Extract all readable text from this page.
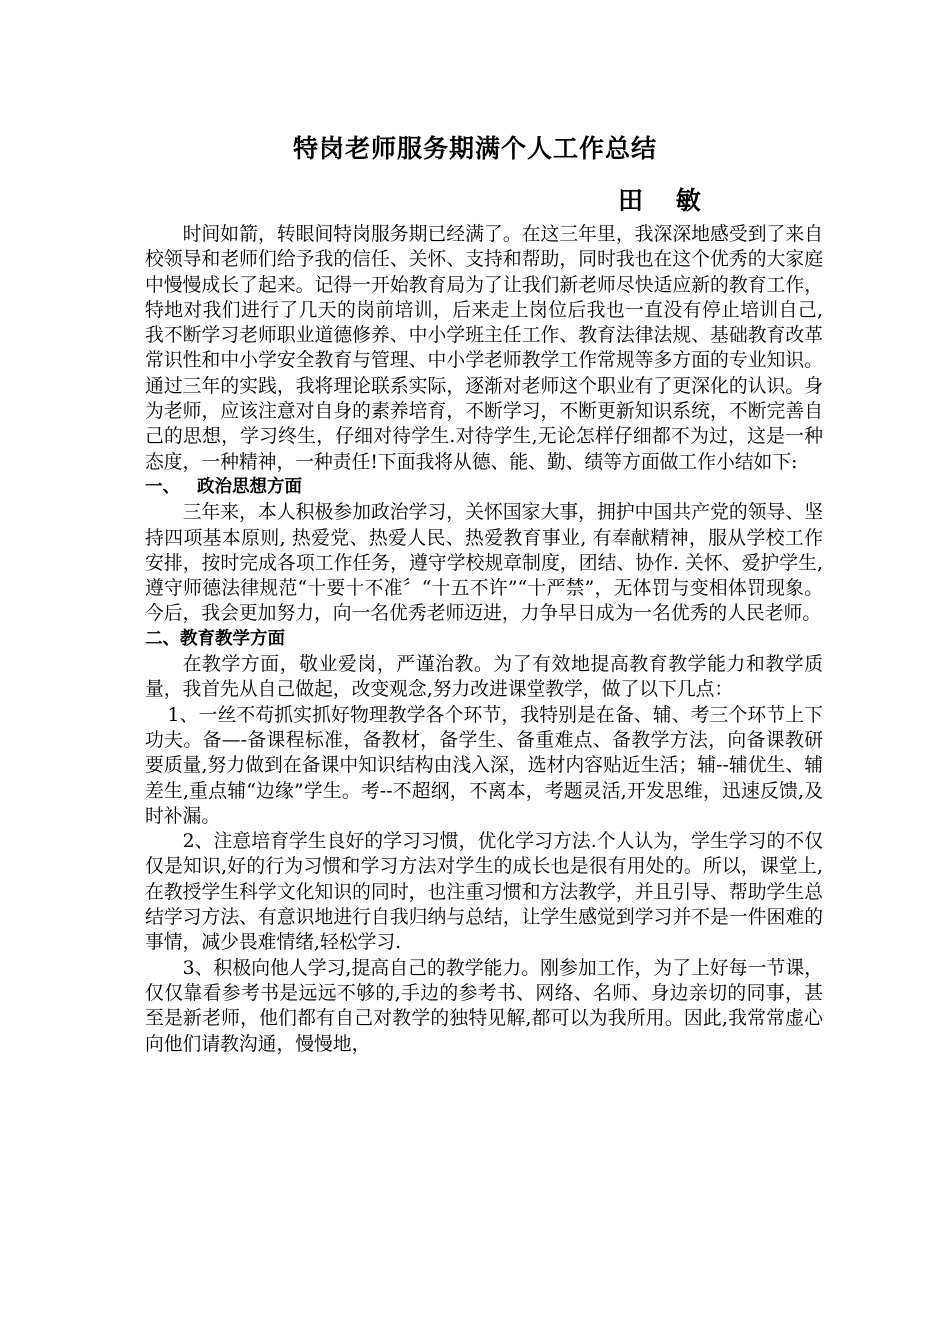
特岗老师服务期满个人工作总结
田 敏

时间如箭，转眼间特岗服务期已经满了。在这三年里，我深深地感受到了来自校领导和老师们给予我的信任、关怀、支持和帮助，同时我也在这个优秀的大家庭中慢慢成长了起来。记得一开始教育局为了让我们新老师尽快适应新的教育工作，特地对我们进行了几天的岗前培训，后来走上岗位后我也一直没有停止培训自己,我不断学习老师职业道德修养、中小学班主任工作、教育法律法规、基础教育改革常识性和中小学安全教育与管理、中小学老师教学工作常规等多方面的专业知识。通过三年的实践，我将理论联系实际，逐渐对老师这个职业有了更深化的认识。身为老师，应该注意对自身的素养培育，不断学习，不断更新知识系统，不断完善自己的思想，学习终生，仔细对待学生.对待学生,无论怎样仔细都不为过，这是一种态度，一种精神，一种责任!下面我将从德、能、勤、绩等方面做工作小结如下:

一、 政治思想方面

三年来，本人积极参加政治学习，关怀国家大事，拥护中国共产党的领导、坚持四项基本原则, 热爱党、热爱人民、热爱教育事业, 有奉献精神，服从学校工作安排，按时完成各项工作任务，遵守学校规章制度，团结、协作. 关怀、爱护学生, 遵守师德法律规范“十要十不准〞“十五不许”“十严禁”，无体罚与变相体罚现象。今后，我会更加努力，向一名优秀老师迈进，力争早日成为一名优秀的人民老师。

二、教育教学方面

在教学方面，敬业爱岗，严谨治教。为了有效地提高教育教学能力和教学质量，我首先从自己做起，改变观念,努力改进课堂教学，做了以下几点：

1、一丝不苟抓实抓好物理教学各个环节，我特别是在备、辅、考三个环节上下功夫。备—-备课程标准，备教材，备学生、备重难点、备教学方法，向备课教研要质量,努力做到在备课中知识结构由浅入深，选材内容贴近生活；辅--辅优生、辅差生,重点辅“边缘”学生。考--不超纲，不离本，考题灵活,开发思维，迅速反馈,及时补漏。

2、注意培育学生良好的学习习惯，优化学习方法.个人认为，学生学习的不仅仅是知识,好的行为习惯和学习方法对学生的成长也是很有用处的。所以，课堂上,在教授学生科学文化知识的同时，也注重习惯和方法教学，并且引导、帮助学生总结学习方法、有意识地进行自我归纳与总结，让学生感觉到学习并不是一件困难的事情，减少畏难情绪,轻松学习.

3、积极向他人学习,提高自己的教学能力。刚参加工作，为了上好每一节课，仅仅靠看参考书是远远不够的,手边的参考书、网络、名师、身边亲切的同事，甚至是新老师，他们都有自己对教学的独特见解,都可以为我所用。因此,我常常虚心向他们请教沟通，慢慢地，
